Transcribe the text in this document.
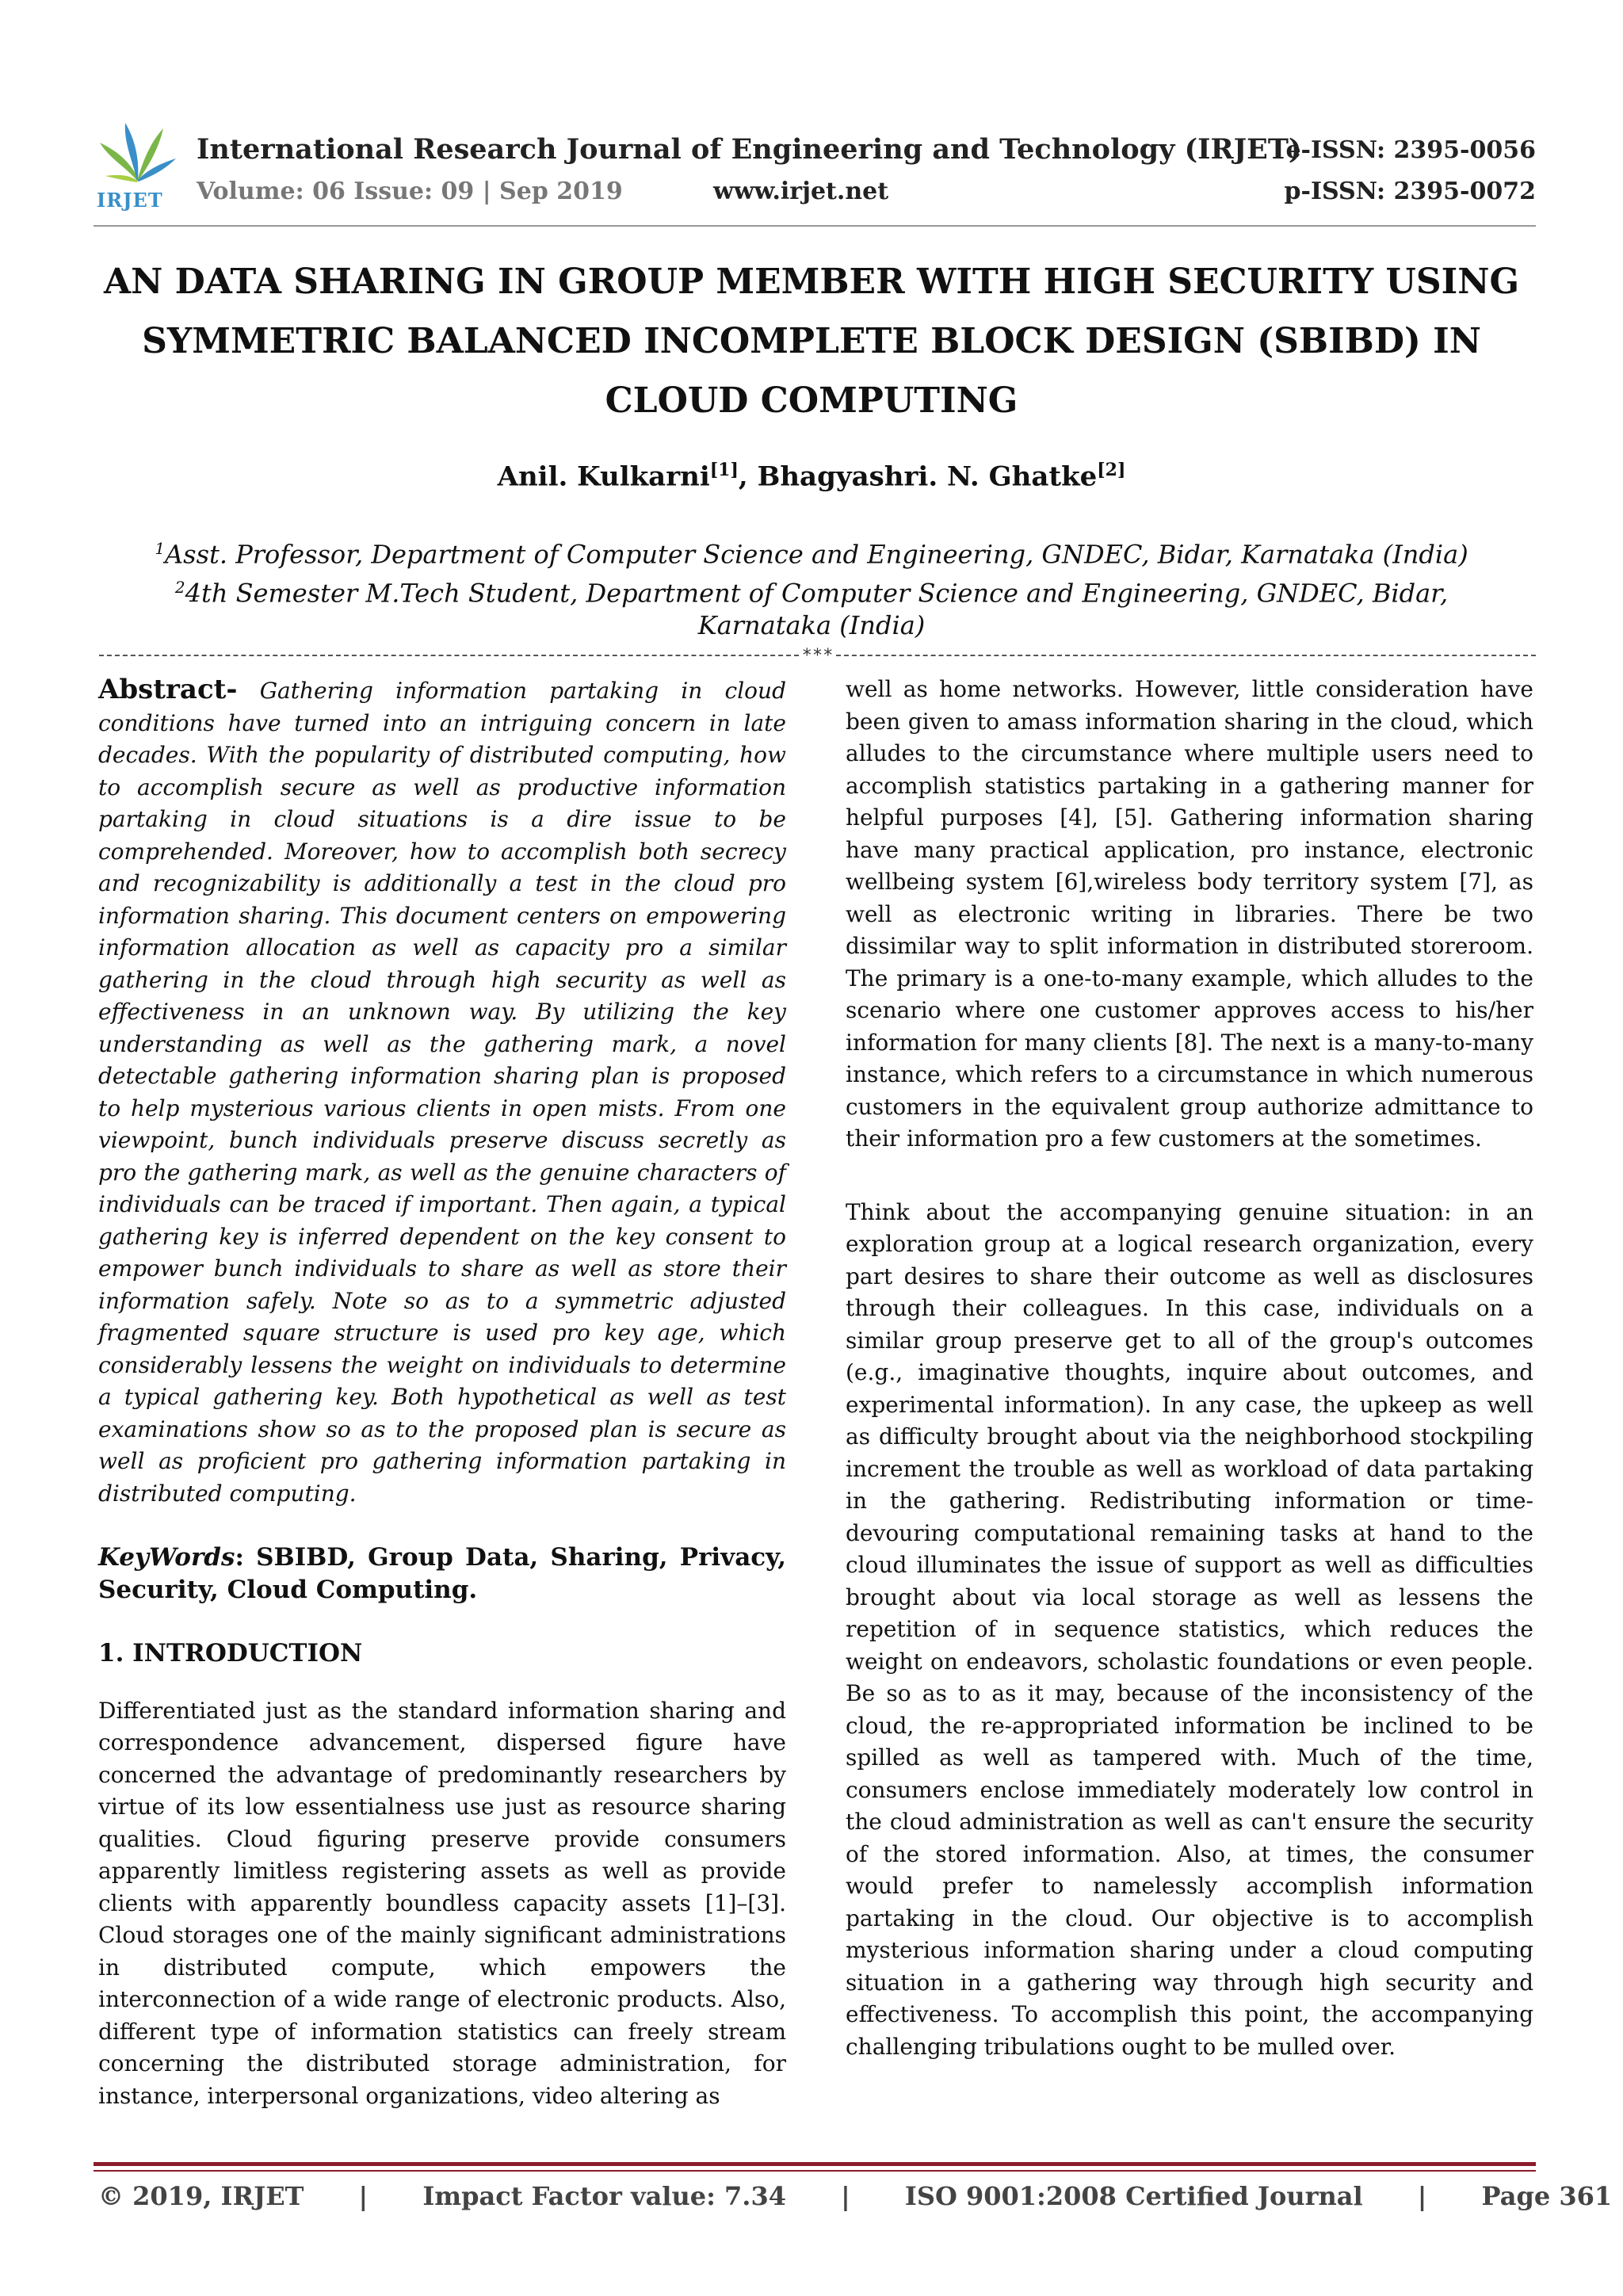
IRJET
International Research Journal of Engineering and Technology (IRJET)
Volume: 06 Issue: 09 | Sep 2019	www.irjet.net
e-ISSN: 2395-0056
p-ISSN: 2395-0072
AN DATA SHARING IN GROUP MEMBER WITH HIGH SECURITY USING SYMMETRIC BALANCED INCOMPLETE BLOCK DESIGN (SBIBD) IN CLOUD COMPUTING
Anil. Kulkarni[1], Bhagyashri. N. Ghatke[2]
$^1$Asst. Professor, Department of Computer Science and Engineering, GNDEC, Bidar, Karnataka (India)
$^2$4th Semester M.Tech Student, Department of Computer Science and Engineering, GNDEC, Bidar, Karnataka (India)
***

Abstract- Gathering information partaking in cloud conditions have turned into an intriguing concern in late decades. With the popularity of distributed computing, how to accomplish secure as well as productive information partaking in cloud situations is a dire issue to be comprehended. Moreover, how to accomplish both secrecy and recognizability is additionally a test in the cloud pro information sharing. This document centers on empowering information allocation as well as capacity pro a similar gathering in the cloud through high security as well as effectiveness in an unknown way. By utilizing the key understanding as well as the gathering mark, a novel detectable gathering information sharing plan is proposed to help mysterious various clients in open mists. From one viewpoint, bunch individuals preserve discuss secretly as pro the gathering mark, as well as the genuine characters of individuals can be traced if important. Then again, a typical gathering key is inferred dependent on the key consent to empower bunch individuals to share as well as store their information safely. Note so as to a symmetric adjusted fragmented square structure is used pro key age, which considerably lessens the weight on individuals to determine a typical gathering key. Both hypothetical as well as test examinations show so as to the proposed plan is secure as well as proficient pro gathering information partaking in distributed computing.

KeyWords: SBIBD, Group Data, Sharing, Privacy, Security, Cloud Computing.

1. INTRODUCTION

Differentiated just as the standard information sharing and correspondence advancement, dispersed figure have concerned the advantage of predominantly researchers by virtue of its low essentialness use just as resource sharing qualities. Cloud figuring preserve provide consumers apparently limitless registering assets as well as provide clients with apparently boundless capacity assets [1]–[3]. Cloud storages one of the mainly significant administrations in distributed compute, which empowers the interconnection of a wide range of electronic products. Also, different type of information statistics can freely stream concerning the distributed storage administration, for instance, interpersonal organizations, video altering as

well as home networks. However, little consideration have been given to amass information sharing in the cloud, which alludes to the circumstance where multiple users need to accomplish statistics partaking in a gathering manner for helpful purposes [4], [5]. Gathering information sharing have many practical application, pro instance, electronic wellbeing system [6],wireless body territory system [7], as well as electronic writing in libraries. There be two dissimilar way to split information in distributed storeroom. The primary is a one-to-many example, which alludes to the scenario where one customer approves access to his/her information for many clients [8]. The next is a many-to-many instance, which refers to a circumstance in which numerous customers in the equivalent group authorize admittance to their information pro a few customers at the sometimes.

Think about the accompanying genuine situation: in an exploration group at a logical research organization, every part desires to share their outcome as well as disclosures through their colleagues. In this case, individuals on a similar group preserve get to all of the group's outcomes (e.g., imaginative thoughts, inquire about outcomes, and experimental information). In any case, the upkeep as well as difficulty brought about via the neighborhood stockpiling increment the trouble as well as workload of data partaking in the gathering. Redistributing information or time-devouring computational remaining tasks at hand to the cloud illuminates the issue of support as well as difficulties brought about via local storage as well as lessens the repetition of in sequence statistics, which reduces the weight on endeavors, scholastic foundations or even people. Be so as to as it may, because of the inconsistency of the cloud, the re-appropriated information be inclined to be spilled as well as tampered with. Much of the time, consumers enclose immediately moderately low control in the cloud administration as well as can't ensure the security of the stored information. Also, at times, the consumer would prefer to namelessly accomplish information partaking in the cloud. Our objective is to accomplish mysterious information sharing under a cloud computing situation in a gathering way through high security and effectiveness. To accomplish this point, the accompanying challenging tribulations ought to be mulled over.

© 2019, IRJET | Impact Factor value: 7.34 | ISO 9001:2008 Certified Journal | Page 361
